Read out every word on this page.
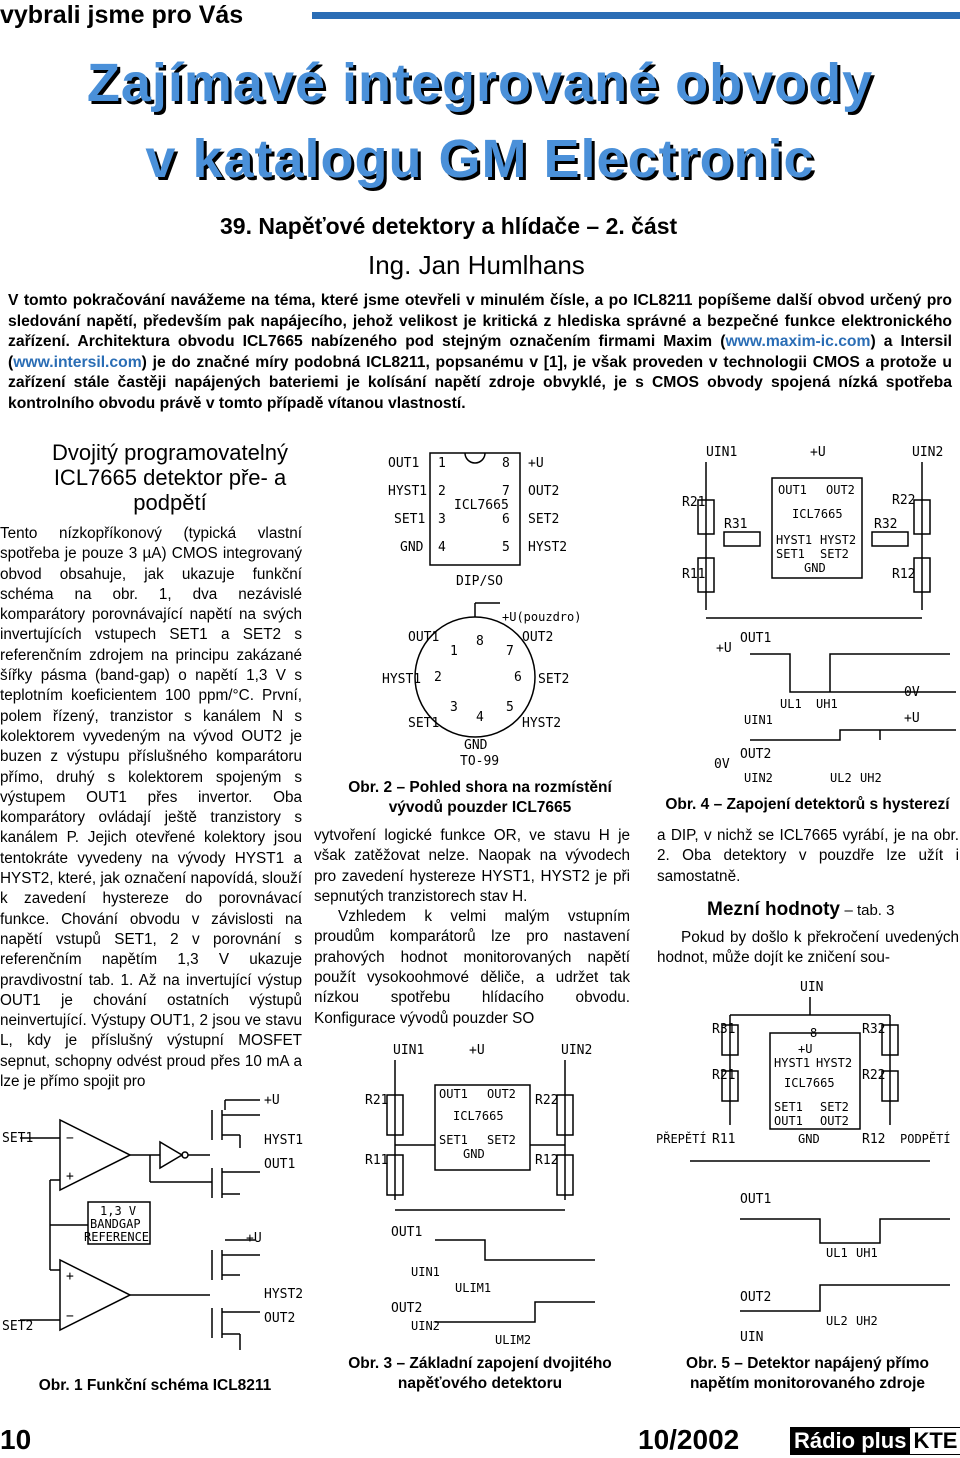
vybrali jsme pro Vás
Zajímavé integrované obvody
v katalogu GM Electronic
39. Napěťové detektory a hlídače – 2. část
Ing. Jan Humlhans
V tomto pokračování navážeme na téma, které jsme otevřeli v minulém čísle, a po ICL8211 popíšeme další obvod určený pro sledování napětí, především pak napájecího, jehož velikost je kritická z hlediska správné a bezpečné funkce elektronického zařízení. Architektura obvodu ICL7665 nabízeného pod stejným označením firmami Maxim (www.maxim-ic.com) a Intersil (www.intersil.com) je do značné míry podobná ICL8211, popsanému v [1], je však proveden v technologii CMOS a protože u zařízení stále častěji napájených bateriemi je kolísání napětí zdroje obvyklé, je s CMOS obvody spojená nízká spotřeba kontrolního obvodu právě v tomto případě vítanou vlastností.
Dvojitý programovatelný ICL7665 detektor pře- a podpětí
Tento nízkopříkonový (typická vlastní spotřeba je pouze 3 µA) CMOS integrovaný obvod obsahuje, jak ukazuje funkční schéma na obr. 1, dva nezávislé komparátory porovnávající napětí na svých invertujících vstupech SET1 a SET2 s referenčním zdrojem na principu zakázané šířky pásma (band-gap) o napětí 1,3 V s teplotním koeficientem 100 ppm/°C. První, polem řízený, tranzistor s kanálem N s kolektorem vyvedeným na vývod OUT2 je buzen z výstupu příslušného komparátoru přímo, druhý s kolektorem spojeným s výstupem OUT1 přes invertor. Oba komparátory ovládají ještě tranzistory s kanálem P. Jejich otevřené kolektory jsou tentokráte vyvedeny na vývody HYST1 a HYST2, které, jak označení napovídá, slouží k zavedení hystereze do porovnávací funkce. Chování obvodu v závislosti na napětí vstupů SET1, 2 v porovnání s referenčním napětím 1,3 V ukazuje pravdivostní tab. 1. Až na invertující výstup OUT1 je chování ostatních výstupů neinvertující. Výstupy OUT1, 2 jsou ve stavu L, kdy je příslušný výstupní MOSFET sepnut, schopny odvést proud přes 10 mA a lze je přímo spojit pro

vytvoření logické funkce OR, ve stavu H je však zatěžovat nelze. Naopak na vývodech pro zavedení hystereze HYST1, HYST2 je při sepnutých tranzistorech stav H.

Vzhledem k velmi malým vstupním proudům komparátorů lze pro nastavení prahových hodnot monitorovaných napětí použít vysokoohmové děliče, a udržet tak nízkou spotřebu hlídacího obvodu. Konfigurace vývodů pouzder SO

a DIP, v nichž se ICL7665 vyrábí, je na obr. 2. Oba detektory v pouzdře lze užít i samostatně.
Mezní hodnoty – tab. 3
Pokud by došlo k překročení uvedených hodnot, může dojít ke zničení sou-
−
+
1,3 V
BANDGAP
REFERENCE
+
−
+U
HYST1
OUT1
+U
HYST2
OUT2
SET1
SET2
Obr. 1 Funkční schéma ICL8211
OUT1 1	8 +U
HYST1 2	7 OUT2
ICL7665
SET1 3	6 SET2
GND 4	5 HYST2
DIP/SO
+U(pouzdro)
8
1	7
2	6
3	5
4
OUT1	OUT2
HYST1	SET2
SET1	HYST2
GND
TO-99
Obr. 2 – Pohled shora na rozmístění vývodů pouzder ICL7665
UIN1	+U	UIN2
OUT1 OUT2
ICL7665
SET1 SET2
GND
R21	R22
R11	R12
OUT1
UIN1
ULIM1
OUT2
UIN2
ULIM2
Obr. 3 – Základní zapojení dvojitého napěťového detektoru
UIN1	+U	UIN2
OUT1 OUT2
ICL7665
HYST1 HYST2
SET1 SET2
GND
R21	R22
R31	R32
R11	R12
OUT1
+U
UIN1
UL1 UH1
0V
+U
OUT2
0V
UIN2	UL2 UH2
Obr. 4 – Zapojení detektorů s hysterezí
UIN
8
+U
HYST1 HYST2
ICL7665
SET1 SET2
OUT1 OUT2
GND
R31	R32
R21	R22
PŘEPĚTÍ R11	R12 PODPĚTÍ
OUT1
UL1 UH1
OUT2
UL2 UH2
UIN
Obr. 5 – Detektor napájený přímo napětím monitorovaného zdroje
10	10/2002 Rádio plus KTE
